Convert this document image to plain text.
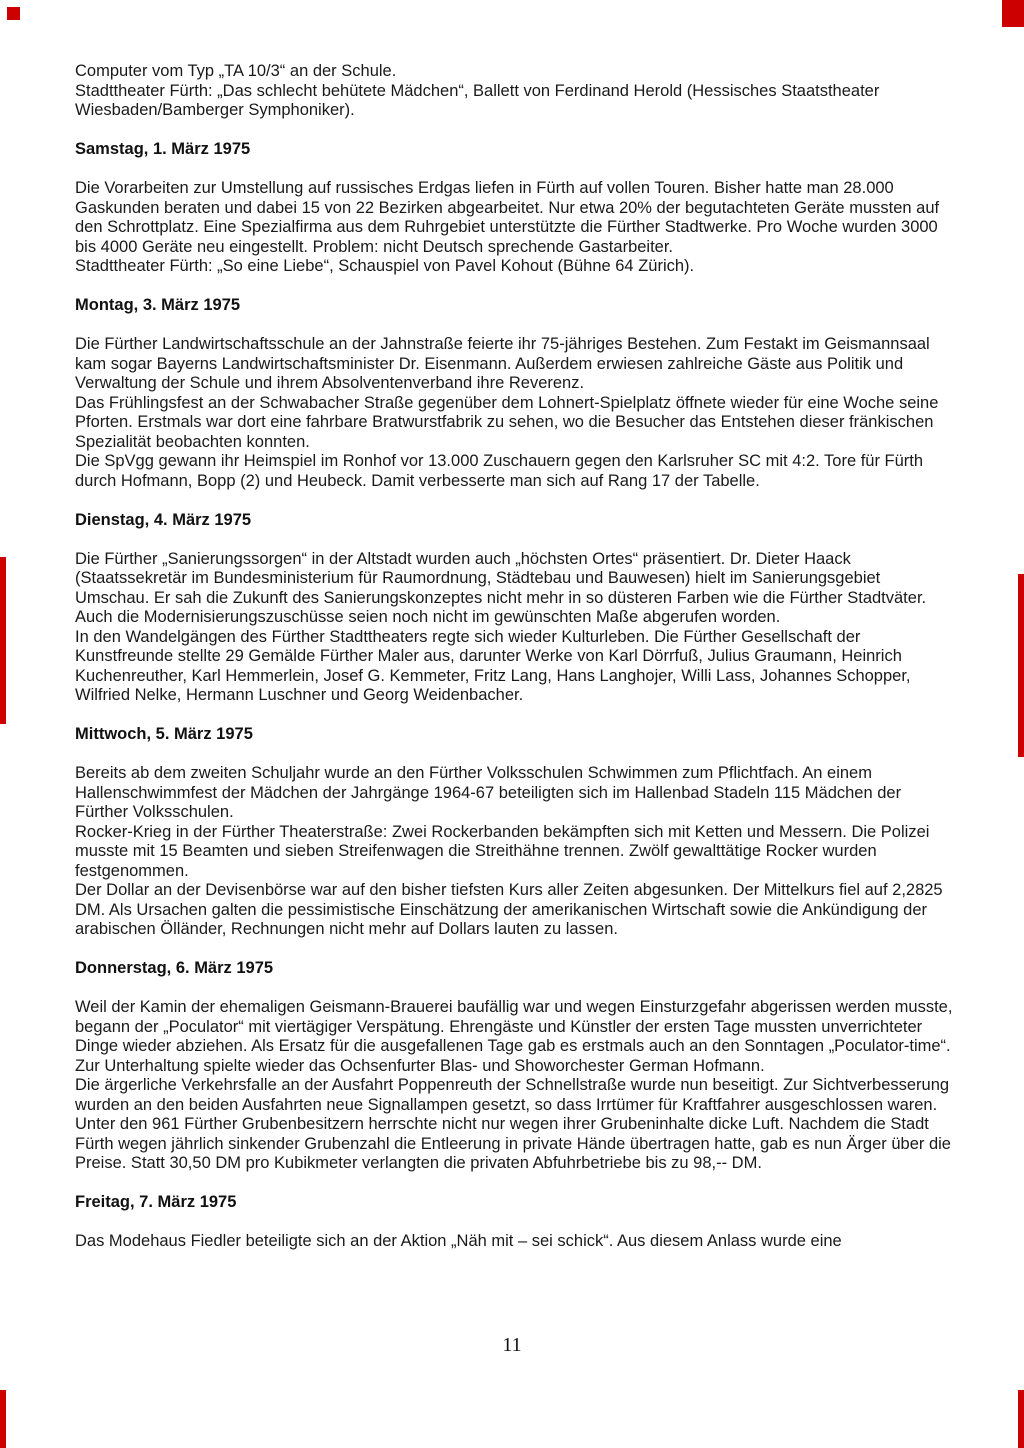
Computer vom Typ „TA 10/3“ an der Schule.

Stadttheater Fürth: „Das schlecht behütete Mädchen“, Ballett von Ferdinand Herold (Hessisches Staatstheater Wiesbaden/Bamberger Symphoniker).

Samstag, 1. März 1975

Die Vorarbeiten zur Umstellung auf russisches Erdgas liefen in Fürth auf vollen Touren. Bisher hatte man 28.000 Gaskunden beraten und dabei 15 von 22 Bezirken abgearbeitet. Nur etwa 20% der begutachteten Geräte mussten auf den Schrottplatz. Eine Spezialfirma aus dem Ruhrgebiet unterstützte die Fürther Stadtwerke. Pro Woche wurden 3000 bis 4000 Geräte neu eingestellt. Problem: nicht Deutsch sprechende Gastarbeiter.

Stadttheater Fürth: „So eine Liebe“, Schauspiel von Pavel Kohout (Bühne 64 Zürich).

Montag, 3. März 1975

Die Fürther Landwirtschaftsschule an der Jahnstraße feierte ihr 75-jähriges Bestehen. Zum Festakt im Geismannsaal kam sogar Bayerns Landwirtschaftsminister Dr. Eisenmann. Außerdem erwiesen zahlreiche Gäste aus Politik und Verwaltung der Schule und ihrem Absolventenverband ihre Reverenz.

Das Frühlingsfest an der Schwabacher Straße gegenüber dem Lohnert-Spielplatz öffnete wieder für eine Woche seine Pforten. Erstmals war dort eine fahrbare Bratwurstfabrik zu sehen, wo die Besucher das Entstehen dieser fränkischen Spezialität beobachten konnten.

Die SpVgg gewann ihr Heimspiel im Ronhof vor 13.000 Zuschauern gegen den Karlsruher SC mit 4:2. Tore für Fürth durch Hofmann, Bopp (2) und Heubeck. Damit verbesserte man sich auf Rang 17 der Tabelle.

Dienstag, 4. März 1975

Die Fürther „Sanierungssorgen“ in der Altstadt wurden auch „höchsten Ortes“ präsentiert. Dr. Dieter Haack (Staatssekretär im Bundesministerium für Raumordnung, Städtebau und Bauwesen) hielt im Sanierungsgebiet Umschau. Er sah die Zukunft des Sanierungskonzeptes nicht mehr in so düsteren Farben wie die Fürther Stadtväter. Auch die Modernisierungszuschüsse seien noch nicht im gewünschten Maße abgerufen worden.

In den Wandelgängen des Fürther Stadttheaters regte sich wieder Kulturleben. Die Fürther Gesellschaft der Kunstfreunde stellte 29 Gemälde Fürther Maler aus, darunter Werke von Karl Dörrfuß, Julius Graumann, Heinrich Kuchenreuther, Karl Hemmerlein, Josef G. Kemmeter, Fritz Lang, Hans Langhojer, Willi Lass, Johannes Schopper, Wilfried Nelke, Hermann Luschner und Georg Weidenbacher.

Mittwoch, 5. März 1975

Bereits ab dem zweiten Schuljahr wurde an den Fürther Volksschulen Schwimmen zum Pflichtfach. An einem Hallenschwimmfest der Mädchen der Jahrgänge 1964-67 beteiligten sich im Hallenbad Stadeln 115 Mädchen der Fürther Volksschulen.

Rocker-Krieg in der Fürther Theaterstraße: Zwei Rockerbanden bekämpften sich mit Ketten und Messern. Die Polizei musste mit 15 Beamten und sieben Streifenwagen die Streithähne trennen. Zwölf gewalttätige Rocker wurden festgenommen.

Der Dollar an der Devisenbörse war auf den bisher tiefsten Kurs aller Zeiten abgesunken. Der Mittelkurs fiel auf 2,2825 DM. Als Ursachen galten die pessimistische Einschätzung der amerikanischen Wirtschaft sowie die Ankündigung der arabischen Ölländer, Rechnungen nicht mehr auf Dollars lauten zu lassen.

Donnerstag, 6. März 1975

Weil der Kamin der ehemaligen Geismann-Brauerei baufällig war und wegen Einsturzgefahr abgerissen werden musste, begann der „Poculator“ mit viertägiger Verspätung. Ehrengäste und Künstler der ersten Tage mussten unverrichteter Dinge wieder abziehen. Als Ersatz für die ausgefallenen Tage gab es erstmals auch an den Sonntagen „Poculator-time“. Zur Unterhaltung spielte wieder das Ochsenfurter Blas- und Showorchester German Hofmann.

Die ärgerliche Verkehrsfalle an der Ausfahrt Poppenreuth der Schnellstraße wurde nun beseitigt. Zur Sichtverbesserung wurden an den beiden Ausfahrten neue Signallampen gesetzt, so dass Irrtümer für Kraftfahrer ausgeschlossen waren.

Unter den 961 Fürther Grubenbesitzern herrschte nicht nur wegen ihrer Grubeninhalte dicke Luft. Nachdem die Stadt Fürth wegen jährlich sinkender Grubenzahl die Entleerung in private Hände übertragen hatte, gab es nun Ärger über die Preise. Statt 30,50 DM pro Kubikmeter verlangten die privaten Abfuhrbetriebe bis zu 98,-- DM.

Freitag, 7. März 1975

Das Modehaus Fiedler beteiligte sich an der Aktion „Näh mit – sei schick“. Aus diesem Anlass wurde eine

11
